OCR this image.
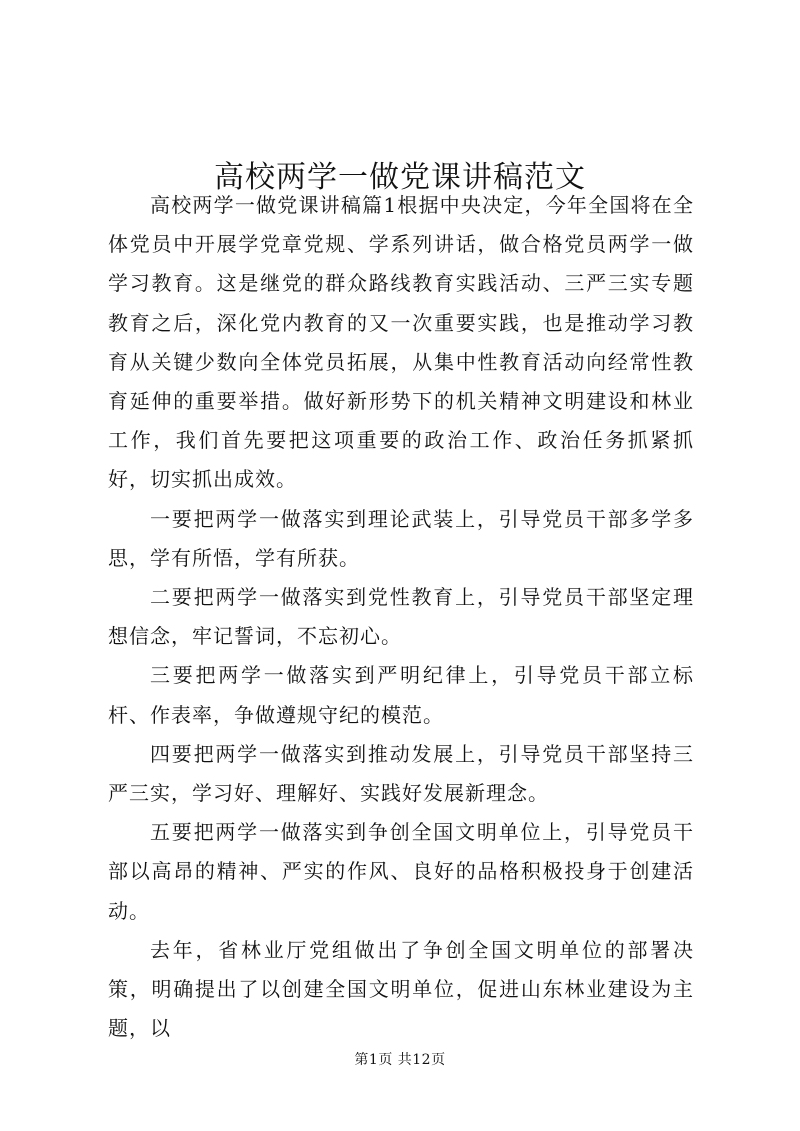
高校两学一做党课讲稿范文

高校两学一做党课讲稿篇1根据中央决定，今年全国将在全体党员中开展学党章党规、学系列讲话，做合格党员两学一做学习教育。这是继党的群众路线教育实践活动、三严三实专题教育之后，深化党内教育的又一次重要实践，也是推动学习教育从关键少数向全体党员拓展，从集中性教育活动向经常性教育延伸的重要举措。做好新形势下的机关精神文明建设和林业工作，我们首先要把这项重要的政治工作、政治任务抓紧抓好，切实抓出成效。

一要把两学一做落实到理论武装上，引导党员干部多学多思，学有所悟，学有所获。

二要把两学一做落实到党性教育上，引导党员干部坚定理想信念，牢记誓词，不忘初心。

三要把两学一做落实到严明纪律上，引导党员干部立标杆、作表率，争做遵规守纪的模范。

四要把两学一做落实到推动发展上，引导党员干部坚持三严三实，学习好、理解好、实践好发展新理念。

五要把两学一做落实到争创全国文明单位上，引导党员干部以高昂的精神、严实的作风、良好的品格积极投身于创建活动。

去年，省林业厅党组做出了争创全国文明单位的部署决策，明确提出了以创建全国文明单位，促进山东林业建设为主题，以

第1页 共12页
